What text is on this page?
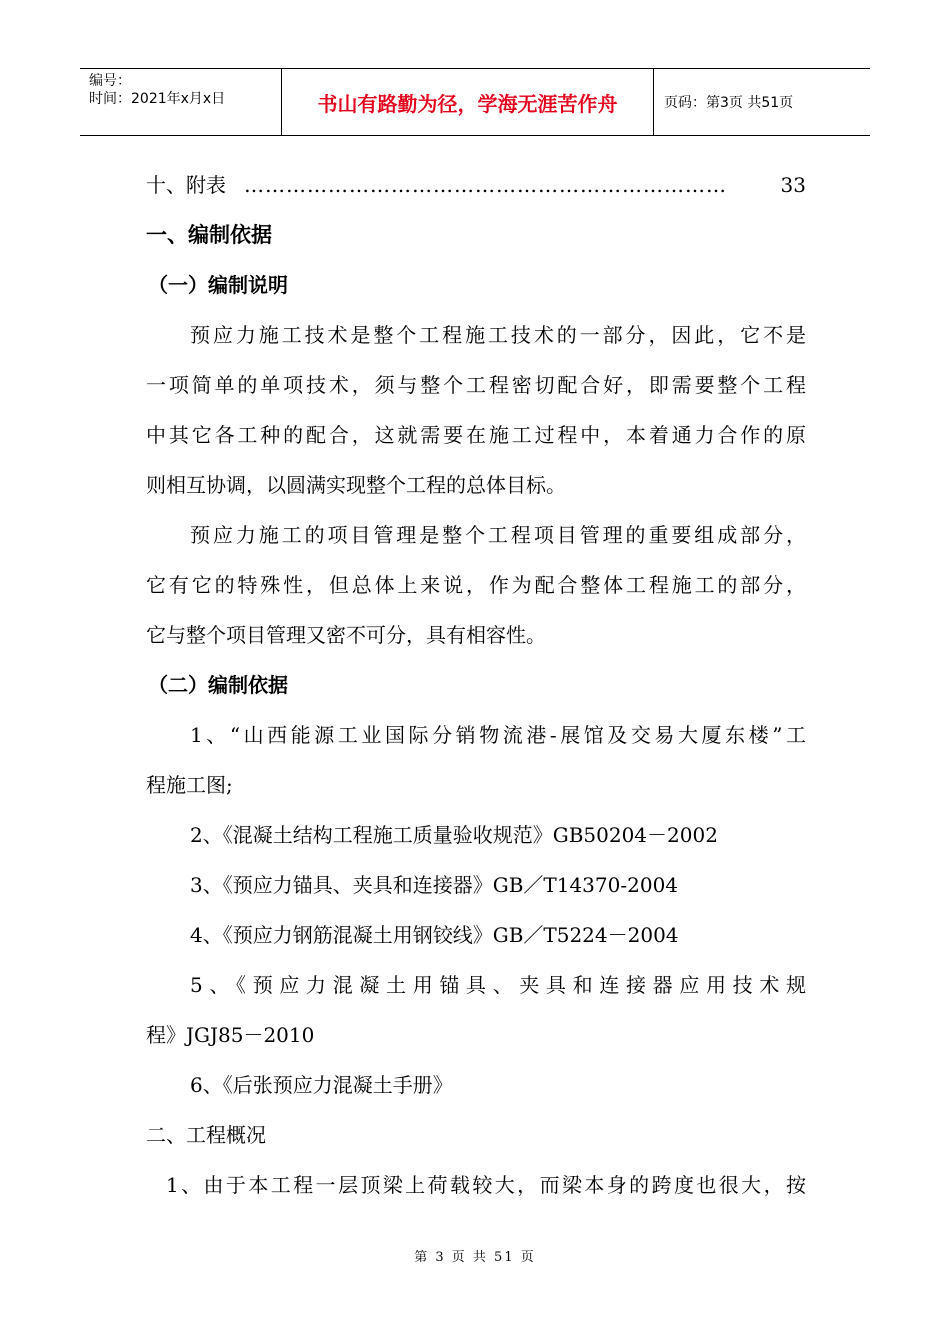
编号：
时间：2021年x月x日	书山有路勤为径，学海无涯苦作舟	页码：第3页 共51页
十、附表 ……………………………………………………………	33
一、编制依据
（一）编制说明
预应力施工技术是整个工程施工技术的一部分，因此，它不是
一项简单的单项技术，须与整个工程密切配合好，即需要整个工程
中其它各工种的配合，这就需要在施工过程中，本着通力合作的原
则相互协调，以圆满实现整个工程的总体目标。
预应力施工的项目管理是整个工程项目管理的重要组成部分，
它有它的特殊性，但总体上来说，作为配合整体工程施工的部分，
它与整个项目管理又密不可分，具有相容性。
（二）编制依据
1、“山西能源工业国际分销物流港-展馆及交易大厦东楼”工
程施工图;
2、《混凝土结构工程施工质量验收规范》GB50204－2002
3、《预应力锚具、夹具和连接器》GB／T14370-2004
4、《预应力钢筋混凝土用钢铰线》GB／T5224－2004
5、《预应力混凝土用锚具、夹具和连接器应用技术规
程》JGJ85－2010
6、《后张预应力混凝土手册》
二、工程概况
1、由于本工程一层顶梁上荷载较大，而梁本身的跨度也很大，按
第 3 页 共 51 页
